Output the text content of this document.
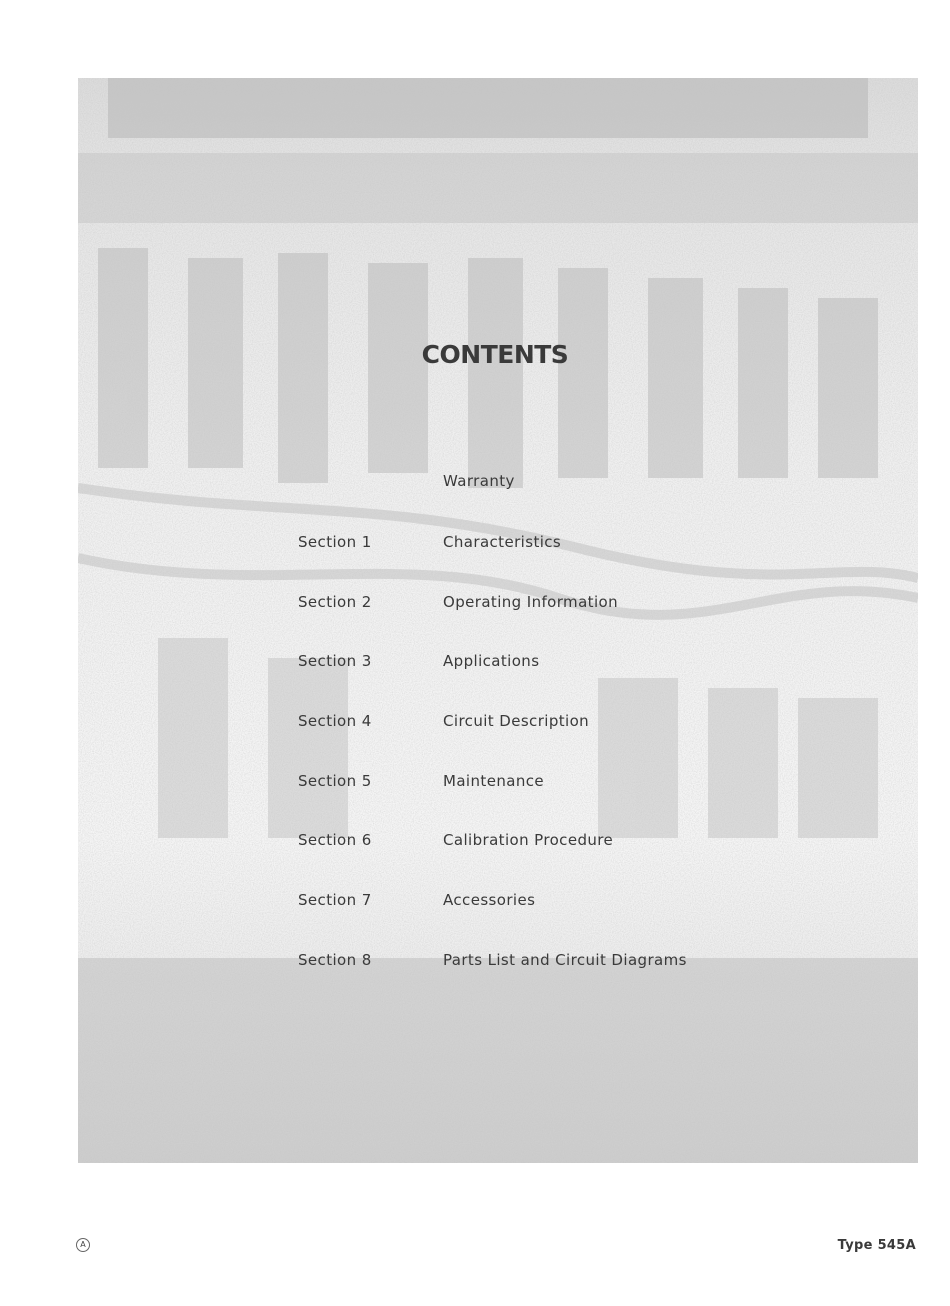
CONTENTS
Warranty
Section 1	Characteristics
Section 2	Operating Information
Section 3	Applications
Section 4	Circuit Description
Section 5	Maintenance
Section 6	Calibration Procedure
Section 7	Accessories
Section 8	Parts List and Circuit Diagrams
A	Type 545A
